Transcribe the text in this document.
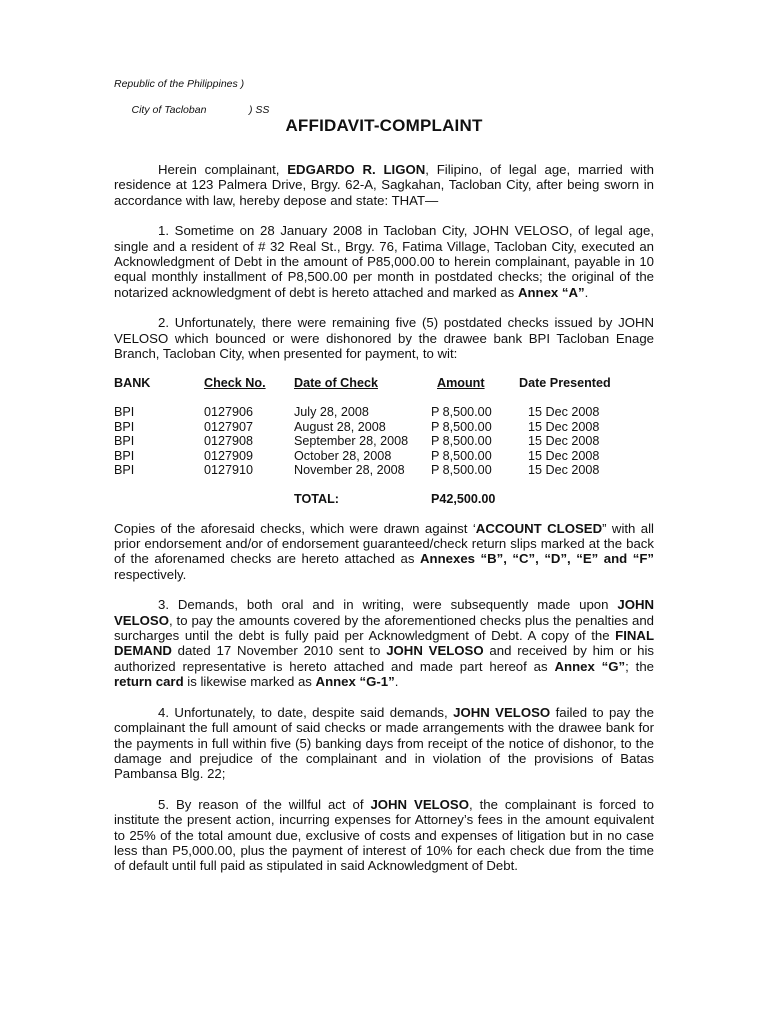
Republic of the Philippines )

City of Tacloban	) SS

AFFIDAVIT-COMPLAINT

Herein complainant, EDGARDO R. LIGON, Filipino, of legal age, married with residence at 123 Palmera Drive, Brgy. 62-A, Sagkahan, Tacloban City, after being sworn in accordance with law, hereby depose and state: THAT—

1. Sometime on 28 January 2008 in Tacloban City, JOHN VELOSO, of legal age, single and a resident of # 32 Real St., Brgy. 76, Fatima Village, Tacloban City, executed an Acknowledgment of Debt in the amount of P85,000.00 to herein complainant, payable in 10 equal monthly installment of P8,500.00 per month in postdated checks; the original of the notarized acknowledgment of debt is hereto attached and marked as Annex “A”.

2. Unfortunately, there were remaining five (5) postdated checks issued by JOHN VELOSO which bounced or were dishonored by the drawee bank BPI Tacloban Enage Branch, Tacloban City, when presented for payment, to wit:

BANK	Check No.	Date of Check	Amount	Date Presented
BPI	0127906	July 28, 2008	P 8,500.00	15 Dec 2008
BPI	0127907	August 28, 2008	P 8,500.00	15 Dec 2008
BPI	0127908	September 28, 2008	P 8,500.00	15 Dec 2008
BPI	0127909	October 28, 2008	P 8,500.00	15 Dec 2008
BPI	0127910	November 28, 2008	P 8,500.00	15 Dec 2008
		TOTAL:	P42,500.00	

Copies of the aforesaid checks, which were drawn against ‘ACCOUNT CLOSED” with all prior endorsement and/or of endorsement guaranteed/check return slips marked at the back of the aforenamed checks are hereto attached as Annexes “B”, “C”, “D”, “E” and “F” respectively.

3. Demands, both oral and in writing, were subsequently made upon JOHN VELOSO, to pay the amounts covered by the aforementioned checks plus the penalties and surcharges until the debt is fully paid per Acknowledgment of Debt. A copy of the FINAL DEMAND dated 17 November 2010 sent to JOHN VELOSO and received by him or his authorized representative is hereto attached and made part hereof as Annex “G”; the return card is likewise marked as Annex “G-1”.

4. Unfortunately, to date, despite said demands, JOHN VELOSO failed to pay the complainant the full amount of said checks or made arrangements with the drawee bank for the payments in full within five (5) banking days from receipt of the notice of dishonor, to the damage and prejudice of the complainant and in violation of the provisions of Batas Pambansa Blg. 22;

5. By reason of the willful act of JOHN VELOSO, the complainant is forced to institute the present action, incurring expenses for Attorney’s fees in the amount equivalent to 25% of the total amount due, exclusive of costs and expenses of litigation but in no case less than P5,000.00, plus the payment of interest of 10% for each check due from the time of default until full paid as stipulated in said Acknowledgment of Debt.
